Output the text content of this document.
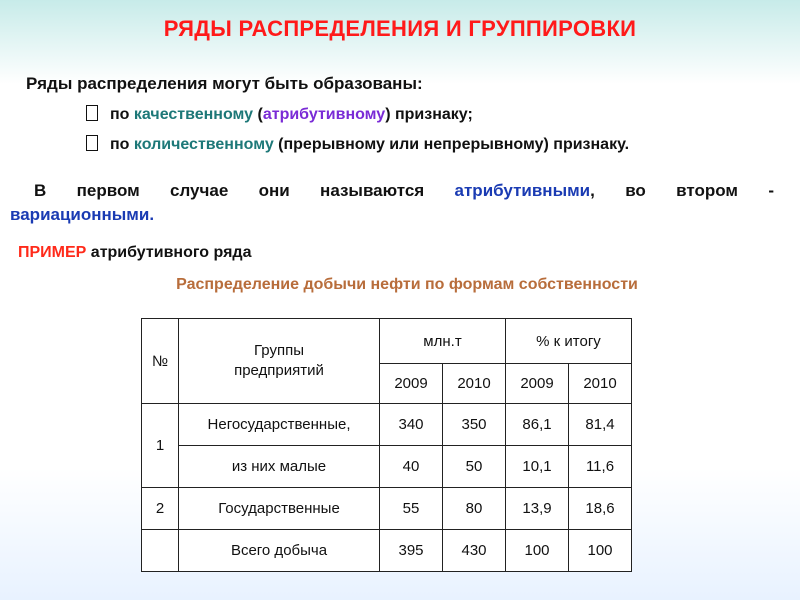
РЯДЫ РАСПРЕДЕЛЕНИЯ И ГРУППИРОВКИ
Ряды распределения могут быть образованы:
по качественному (атрибутивному) признаку;
по количественному (прерывному или непрерывному) признаку.
В первом случае они называются атрибутивными, во втором -
вариационными.
ПРИМЕР атрибутивного ряда
Распределение добычи нефти по формам собственности
№	Группы предприятий	млн.т		% к итогу	
		2009	2010	2009	2010
1	Негосударственные,	340	350	86,1	81,4
	из них малые	40	50	10,1	11,6
2	Государственные	55	80	13,9	18,6
	Всего добыча	395	430	100	100
